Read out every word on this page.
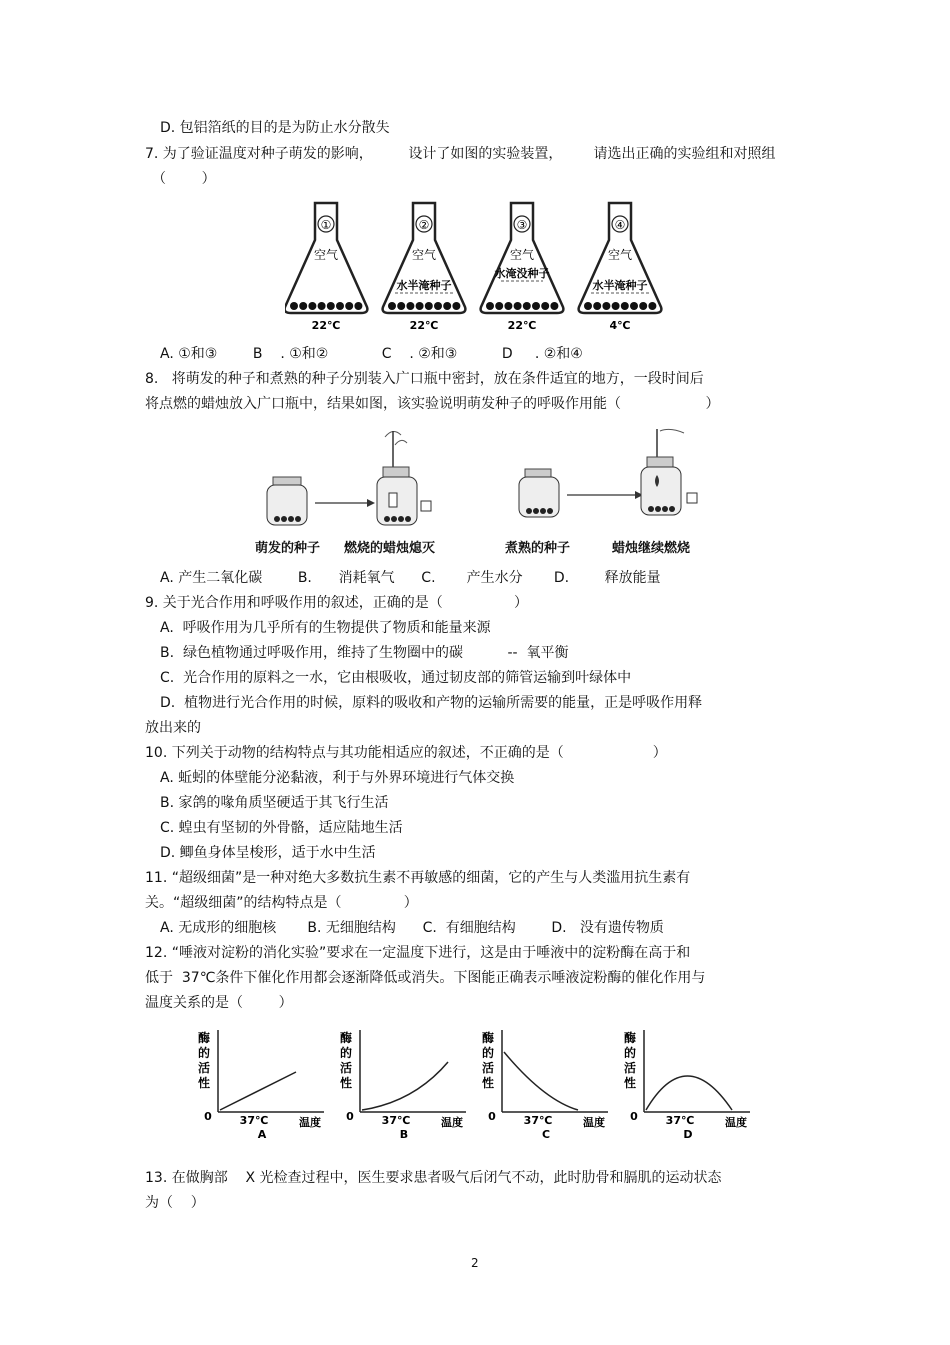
D. 包铝箔纸的目的是为防止水分散失
7. 为了验证温度对种子萌发的影响，        设计了如图的实验装置，       请选出正确的实验组和对照组
（        ）
①
空气
22℃
②
空气
水半淹种子
22℃
③
空气
水淹没种子
22℃
④
空气
水半淹种子
4℃
A. ①和③        B    . ①和②            C    . ②和③          D     . ②和④
8.   将萌发的种子和煮熟的种子分别装入广口瓶中密封，放在条件适宜的地方，一段时间后
将点燃的蜡烛放入广口瓶中，结果如图，该实验说明萌发种子的呼吸作用能（                   ）
萌发的种子 燃烧的蜡烛熄灭	煮熟的种子	蜡烛继续燃烧
A. 产生二氧化碳        B.      消耗氧气      C.       产生水分       D.        释放能量
9. 关于光合作用和呼吸作用的叙述，正确的是（                ）
A.  呼吸作用为几乎所有的生物提供了物质和能量来源
B.  绿色植物通过呼吸作用，维持了生物圈中的碳          --  氧平衡
C.  光合作用的原料之一水，它由根吸收，通过韧皮部的筛管运输到叶绿体中
D.  植物进行光合作用的时候，原料的吸收和产物的运输所需要的能量，正是呼吸作用释
放出来的
10. 下列关于动物的结构特点与其功能相适应的叙述，不正确的是（                    ）
A. 蚯蚓的体壁能分泌黏液，利于与外界环境进行气体交换
B. 家鸽的喙角质坚硬适于其飞行生活
C. 蝗虫有坚韧的外骨骼，适应陆地生活
D. 鲫鱼身体呈梭形，适于水中生活
11. “超级细菌”是一种对绝大多数抗生素不再敏感的细菌，它的产生与人类滥用抗生素有
关。“超级细菌”的结构特点是（              ）
A. 无成形的细胞核       B. 无细胞结构      C.  有细胞结构        D.   没有遗传物质
12. “唾液对淀粉的消化实验”要求在一定温度下进行，这是由于唾液中的淀粉酶在高于和
低于  37℃条件下催化作用都会逐渐降低或消失。下图能正确表示唾液淀粉酶的催化作用与
温度关系的是（        ）
酶
的
活
性
0	37℃
A
温度
酶
的
活
性
0	37℃
B
温度
酶
的
活
性
0	37℃
C
温度
酶
的
活
性
0	37℃
D
温度
13. 在做胸部    X 光检查过程中，医生要求患者吸气后闭气不动，此时肋骨和膈肌的运动状态
为（    ）
2
